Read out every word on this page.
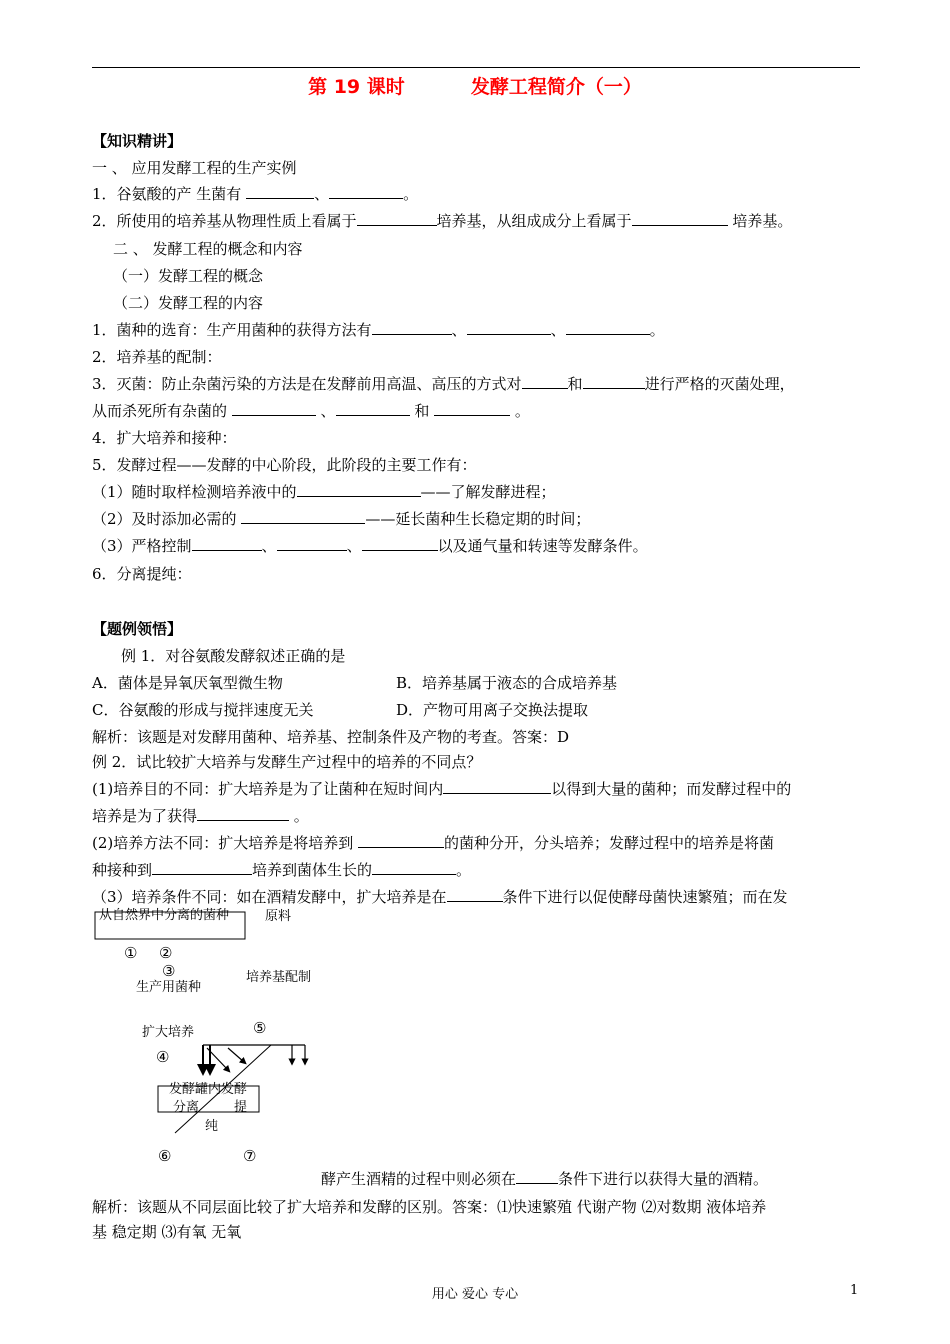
第 19 课时          发酵工程简介（一）
【知识精讲】
一 、 应用发酵工程的生产实例
1．谷氨酸的产 生菌有	、	。
2．所使用的培养基从物理性质上看属于	培养基，从组成成分上看属于	培养基。
二 、 发酵工程的概念和内容
（一）发酵工程的概念
（二）发酵工程的内容
1．菌种的选育：生产用菌种的获得方法有	、	、	。
2．培养基的配制：
3．灭菌：防止杂菌污染的方法是在发酵前用高温、高压的方式对	和	进行严格的灭菌处理，
从而杀死所有杂菌的	、	和	。
4．扩大培养和接种：
5．发酵过程——发酵的中心阶段，此阶段的主要工作有：
（1）随时取样检测培养液中的	——了解发酵进程；
（2）及时添加必需的	——延长菌种生长稳定期的时间；
（3）严格控制	、	、	以及通气量和转速等发酵条件。
6．分离提纯：
【题例领悟】
例 1．对谷氨酸发酵叙述正确的是
A．菌体是异氧厌氧型微生物	B．培养基属于液态的合成培养基
C．谷氨酸的形成与搅拌速度无关	D．产物可用离子交换法提取
解析：该题是对发酵用菌种、培养基、控制条件及产物的考查。答案：D
例 2．试比较扩大培养与发酵生产过程中的培养的不同点？
(1)培养目的不同：扩大培养是为了让菌种在短时间内	以得到大量的菌种；而发酵过程中的
培养是为了获得	。
(2)培养方法不同：扩大培养是将培养到	的菌种分开，分头培养；发酵过程中的培养是将菌
种接种到	培养到菌体生长的	。
（3）培养条件不同：如在酒精发酵中，扩大培养是在	条件下进行以促使酵母菌快速繁殖；而在发
从自然界中分离的菌种	原料
① ②
③
生产用菌种
培养基配制
扩大培养	⑤
④
发酵罐内发酵
分离	提
纯
⑥	⑦
酵产生酒精的过程中则必须在	条件下进行以获得大量的酒精。
解析：该题从不同层面比较了扩大培养和发酵的区别。答案：⑴快速繁殖 代谢产物 ⑵对数期 液体培养
基 稳定期 ⑶有氧 无氧
用心 爱心 专心	1
